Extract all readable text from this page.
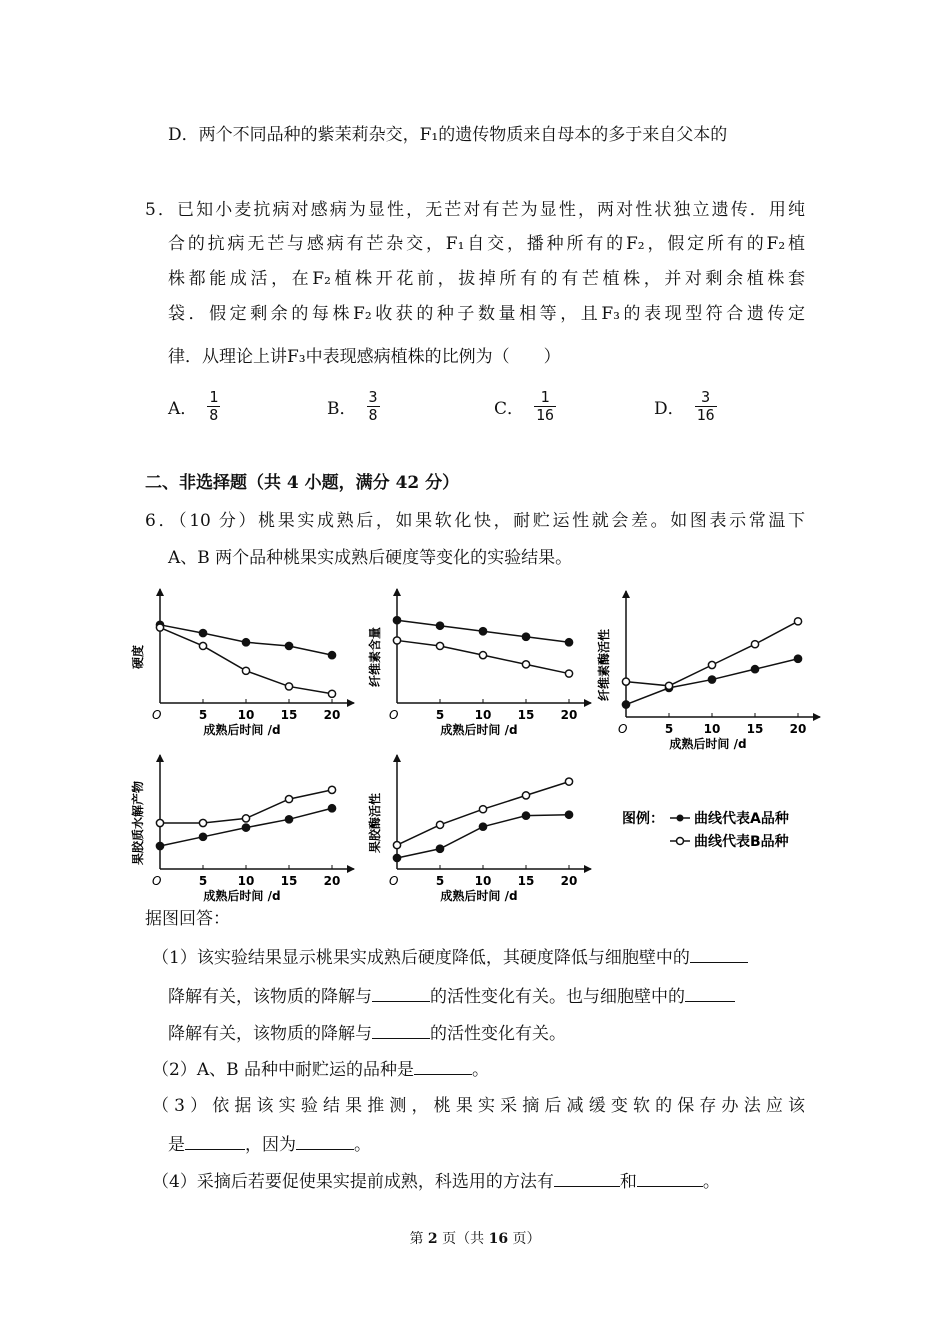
D．两个不同品种的紫茉莉杂交，F₁的遗传物质来自母本的多于来自父本的
5．已知小麦抗病对感病为显性，无芒对有芒为显性，两对性状独立遗传．用纯
合的抗病无芒与感病有芒杂交，F₁自交，播种所有的F₂，假定所有的F₂植
株都能成活，在F₂植株开花前，拔掉所有的有芒植株，并对剩余植株套
袋．假定剩余的每株F₂收获的种子数量相等，且F₃的表现型符合遗传定
律．从理论上讲F₃中表现感病植株的比例为（　　）
A． $\frac{1}{8}$	B． $\frac{3}{8}$	C． $\frac{1}{16}$	D． $\frac{3}{16}$
二、非选择题（共 4 小题，满分 42 分）
6．（10 分）桃果实成熟后，如果软化快，耐贮运性就会差。如图表示常温下
A、B 两个品种桃果实成熟后硬度等变化的实验结果。
O	5	10 15 20
成熟后时间 /d
硬度
O	5	10 15 20
成熟后时间 /d
纤维素含量
O	5	10 15 20
成熟后时间 /d
纤维素酶活性
O	5	10 15 20
成熟后时间 /d
果胶质水解产物
O	5	10 15 20
成熟后时间 /d
果胶酶活性	图例： 曲线代表A品种
曲线代表B品种
据图回答：
（1）该实验结果显示桃果实成熟后硬度降低，其硬度降低与细胞壁中的
降解有关，该物质的降解与	的活性变化有关。也与细胞壁中的
降解有关，该物质的降解与	的活性变化有关。
（2）A、B 品种中耐贮运的品种是	。
（3）依据该实验结果推测，桃果实采摘后减缓变软的保存办法应该
是	，因为	。
（4）采摘后若要促使果实提前成熟，科选用的方法有	和	。
第 2 页（共 16 页）
